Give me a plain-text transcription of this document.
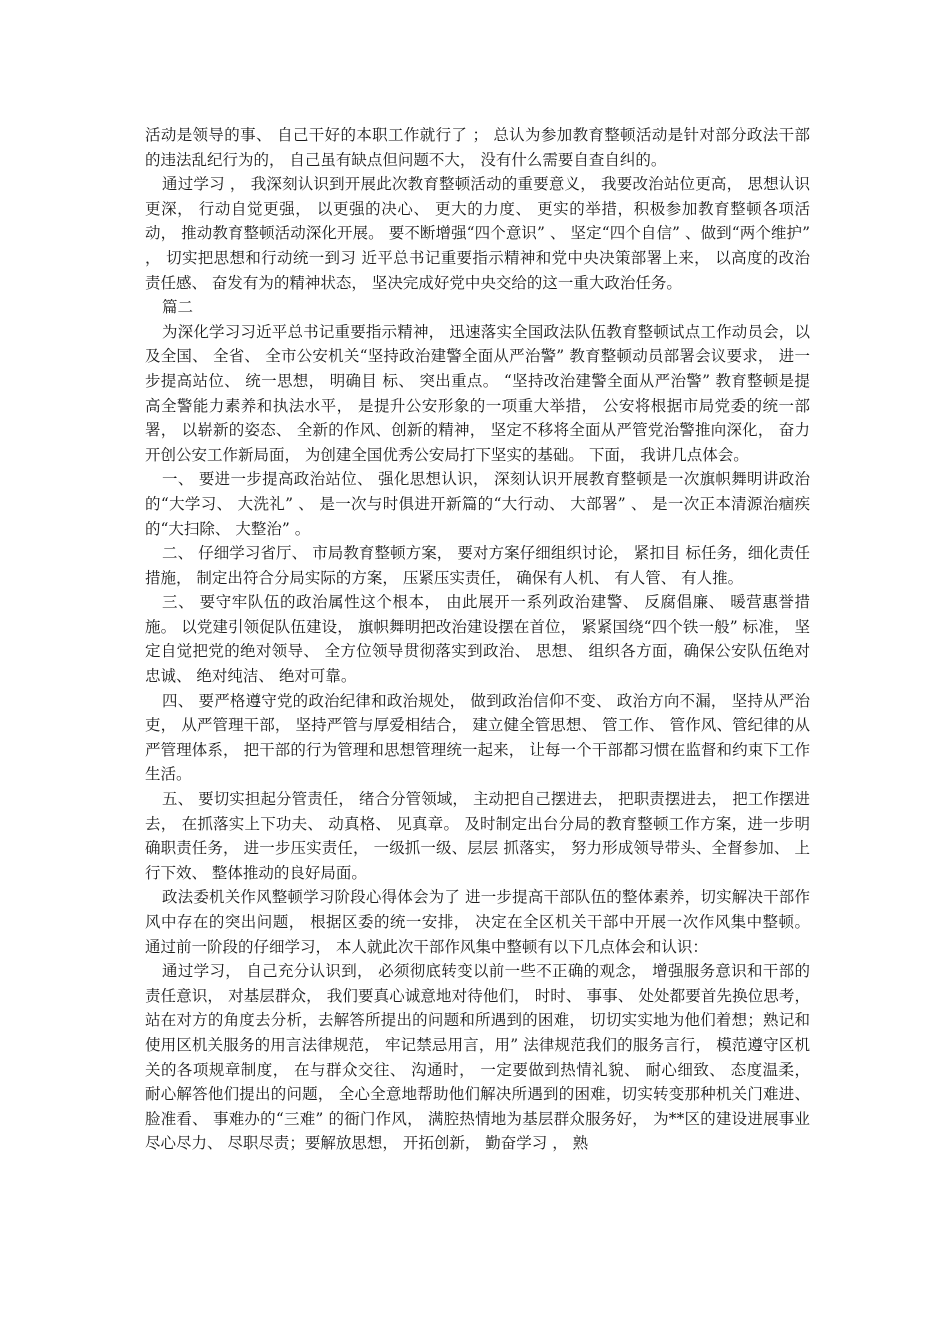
活动是领导的事、 自己干好的本职工作就行了 ； 总认为参加教育整顿活动是针对部分政法干部的违法乱纪行为的， 自己虽有缺点但问题不大， 没有什么需要自查自纠的。

通过学习 ， 我深刻认识到开展此次教育整顿活动的重要意义， 我要改治站位更高， 思想认识更深， 行动自觉更强， 以更强的决心、 更大的力度、 更实的举措，积极参加教育整顿各项活动， 推动教育整顿活动深化开展。 要不断增强“四个意识” 、 坚定“四个自信” 、做到“两个维护” ， 切实把思想和行动统一到习 近平总书记重要指示精神和党中央决策部署上来， 以高度的改治责任感、 奋发有为的精神状态， 坚决完成好党中央交给的这一重大政治任务。

篇二

为深化学习习近平总书记重要指示精神， 迅速落实全国政法队伍教育整顿试点工作动员会，以及全国、 全省、 全市公安机关“坚持政治建警全面从严治警” 教育整顿动员部署会议要求， 进一步提高站位、 统一思想， 明确目 标、 突出重点。 “坚持改治建警全面从严治警” 教育整顿是提高全警能力素养和执法水平， 是提升公安形象的一项重大举措， 公安将根据市局党委的统一部署， 以崭新的姿态、 全新的作风、创新的精神， 坚定不移将全面从严管党治警推向深化， 奋力开创公安工作新局面， 为创建全国优秀公安局打下坚实的基础。 下面， 我讲几点体会。

一、 要进一步提高政治站位、 强化思想认识， 深刻认识开展教育整顿是一次旗帜舞明讲政治的“大学习、 大洗礼” 、 是一次与时俱进开新篇的“大行动、 大部署” 、 是一次正本清源治痼疾的“大扫除、 大整治” 。

二、 仔细学习省厅、 市局教育整顿方案， 要对方案仔细组织讨论， 紧扣目 标任务，细化责任措施， 制定出符合分局实际的方案， 压紧压实责任， 确保有人机、 有人管、 有人推。

三、 要守牢队伍的政治属性这个根本， 由此展开一系列政治建警、 反腐倡廉、 暖营惠誉措施。 以党建引领促队伍建设， 旗帜舞明把改治建设摆在首位， 紧紧国绕“四个铁一般” 标准， 坚定自觉把党的绝对领导、 全方位领导贯彻落实到政治、 思想、 组织各方面，确保公安队伍绝对忠诚、 绝对纯洁、 绝对可靠。

四、 要严格遵守党的政治纪律和政治规处， 做到政治信仰不变、 政治方向不漏， 坚持从严治吏， 从严管理干部， 坚持严管与厚爱相结合， 建立健全管思想、 管工作、 管作风、管纪律的从严管理体系， 把干部的行为管理和思想管理统一起来， 让每一个干部都习惯在监督和约束下工作生活。

五、 要切实担起分管责任， 绪合分管领域， 主动把自己摆进去， 把职责摆进去， 把工作摆进去， 在抓落实上下功夫、 动真格、 见真章。 及时制定出台分局的教育整顿工作方案，进一步明确职责任务， 进一步压实责任， 一级抓一级、层层 抓落实， 努力形成领导带头、全督参加、 上行下效、 整体推动的良好局面。

政法委机关作风整顿学习阶段心得体会为了 进一步提高干部队伍的整体素养，切实解决干部作风中存在的突出问题， 根据区委的统一安排， 决定在全区机关干部中开展一次作风集中整顿。 通过前一阶段的仔细学习， 本人就此次干部作风集中整顿有以下几点体会和认识：

通过学习， 自己充分认识到， 必须彻底转变以前一些不正确的观念， 增强服务意识和干部的责任意识， 对基层群众， 我们要真心诚意地对待他们， 时时、 事事、 处处都要首先换位思考， 站在对方的角度去分析，去解答所提出的问题和所遇到的困难， 切切实实地为他们着想；熟记和使用区机关服务的用言法律规范， 牢记禁忌用言，用” 法律规范我们的服务言行， 模范遵守区机关的各项规章制度， 在与群众交往、 沟通时， 一定要做到热情礼貌、 耐心细致、 态度温柔， 耐心解答他们提出的问题， 全心全意地帮助他们解决所遇到的困难，切实转变那种机关门难进、 脸准看、 事难办的“三难” 的衙门作风， 满腔热情地为基层群众服务好， 为**区的建设进展事业尽心尽力、 尽职尽责；要解放思想， 开拓创新， 勤奋学习 ， 熟
